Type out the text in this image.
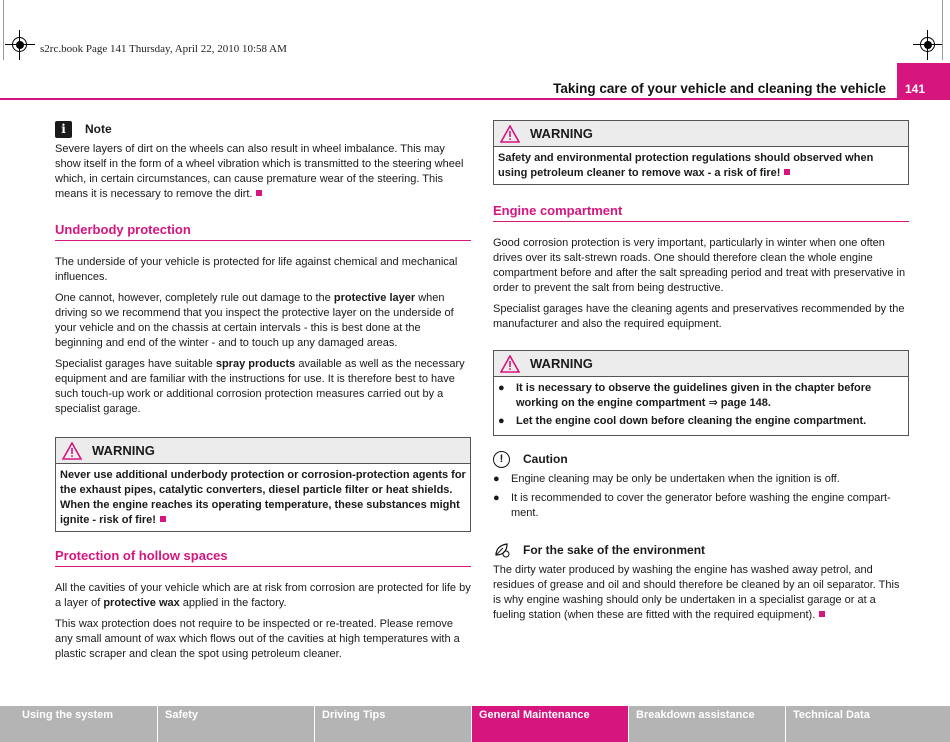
s2rc.book Page 141 Thursday, April 22, 2010 10:58 AM
Taking care of your vehicle and cleaning the vehicle	141
i	Note

Severe layers of dirt on the wheels can also result in wheel imbalance. This may show itself in the form of a wheel vibration which is transmitted to the steering wheel which, in certain circumstances, can cause premature wear of the steering. This means it is necessary to remove the dirt.

Underbody protection

The underside of your vehicle is protected for life against chemical and mechanical influences.

One cannot, however, completely rule out damage to the protective layer when driving so we recommend that you inspect the protective layer on the underside of your vehicle and on the chassis at certain intervals - this is best done at the beginning and end of the winter - and to touch up any damaged areas.

Specialist garages have suitable spray products available as well as the necessary equipment and are familiar with the instructions for use. It is therefore best to have such touch-up work or additional corrosion protection measures carried out by a specialist garage.

WARNING

Never use additional underbody protection or corrosion-protection agents for the exhaust pipes, catalytic converters, diesel particle filter or heat shields. When the engine reaches its operating temperature, these substances might ignite - risk of fire!

Protection of hollow spaces

All the cavities of your vehicle which are at risk from corrosion are protected for life by a layer of protective wax applied in the factory.

This wax protection does not require to be inspected or re-treated. Please remove any small amount of wax which flows out of the cavities at high temperatures with a plastic scraper and clean the spot using petroleum cleaner.

WARNING

Safety and environmental protection regulations should observed when using petroleum cleaner to remove wax - a risk of fire!

Engine compartment

Good corrosion protection is very important, particularly in winter when one often drives over its salt-strewn roads. One should therefore clean the whole engine compartment before and after the salt spreading period and treat with preservative in order to prevent the salt from being destructive.

Specialist garages have the cleaning agents and preservatives recommended by the manufacturer and also the required equipment.

WARNING
●	It is necessary to observe the guidelines given in the chapter before working on the engine compartment ⇒ page 148.
●	Let the engine cool down before cleaning the engine compartment.
!	Caution
●	Engine cleaning may be only be undertaken when the ignition is off.
●	It is recommended to cover the generator before washing the engine compart-ment.
For the sake of the environment

The dirty water produced by washing the engine has washed away petrol, and residues of grease and oil and should therefore be cleaned by an oil separator. This is why engine washing should only be undertaken in a specialist garage or at a fueling station (when these are fitted with the required equipment).

Using the system	Safety	Driving Tips	General Maintenance	Breakdown assistance	Technical Data
